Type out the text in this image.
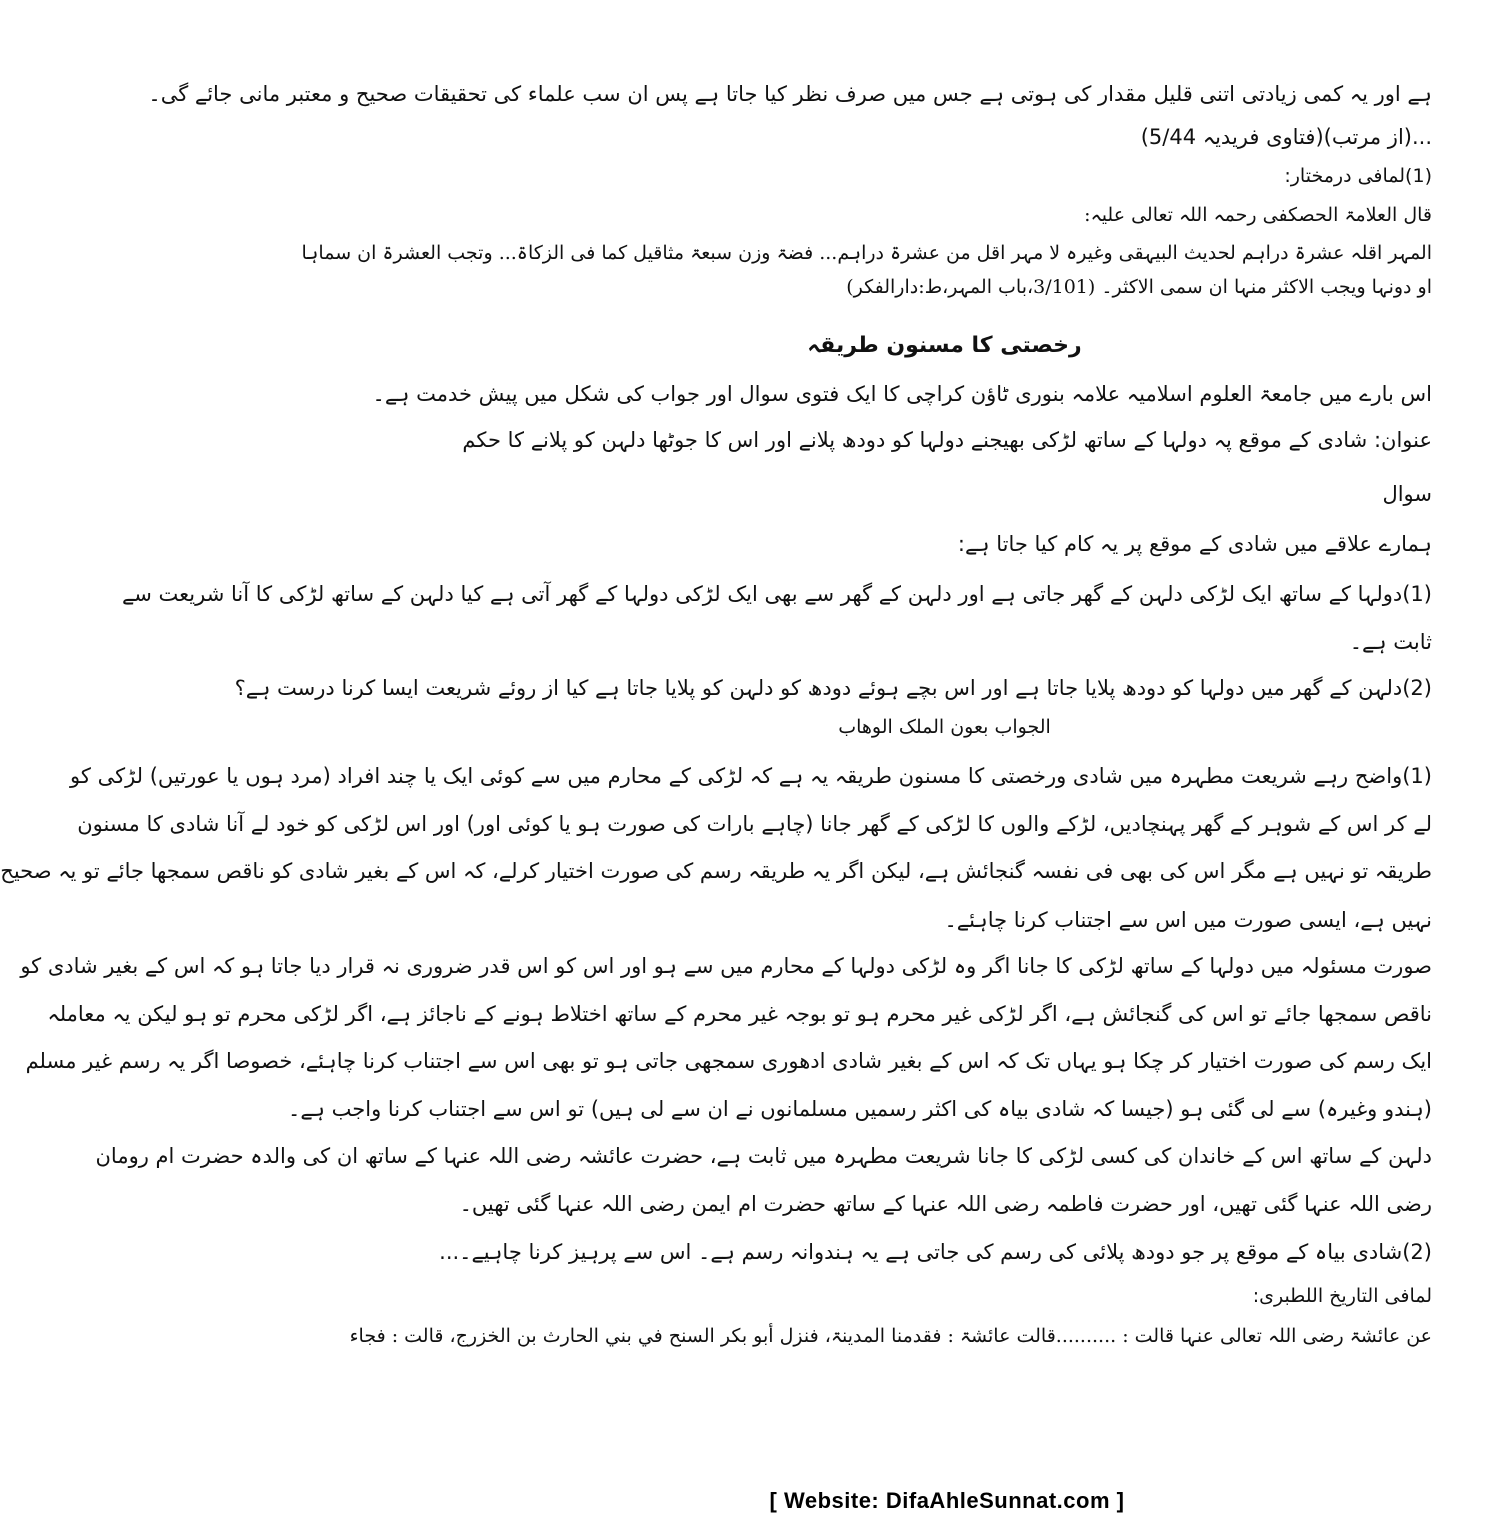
ہے اور یہ کمی زیادتی اتنی قلیل مقدار کی ہوتی ہے جس میں صرف نظر کیا جاتا ہے پس ان سب علماء کی تحقیقات صحیح و معتبر مانی جائے گی۔
...(از مرتب)(فتاوی فریدیہ 5/44)
(1)لمافی درمختار:
قال العلامۃ الحصکفی رحمہ اللہ تعالی علیہ:
المہر اقلہ عشرۃ دراہم لحدیث البیہقی وغیرہ لا مہر اقل من عشرۃ دراہم... فضۃ وزن سبعۃ مثاقیل کما فی الزکاۃ... وتجب العشرۃ ان سماہا
او دونہا ویجب الاکثر منہا ان سمی الاکثر۔ (3/101،باب المہر،ط:دارالفکر)
رخصتی کا مسنون طریقہ
اس بارے میں جامعۃ العلوم اسلامیہ علامہ بنوری ٹاؤن کراچی کا ایک فتوی سوال اور جواب کی شکل میں پیش خدمت ہے۔
عنوان: شادی کے موقع پہ دولہا کے ساتھ لڑکی بھیجنے دولہا کو دودھ پلانے اور اس کا جوٹھا دلہن کو پلانے کا حکم
سوال
ہمارے علاقے میں شادی کے موقع پر یہ کام کیا جاتا ہے:
(1)دولہا کے ساتھ ایک لڑکی دلہن کے گھر جاتی ہے اور دلہن کے گھر سے بھی ایک لڑکی دولہا کے گھر آتی ہے کیا دلہن کے ساتھ لڑکی کا آنا شریعت سے
ثابت ہے۔
(2)دلہن کے گھر میں دولہا کو دودھ پلایا جاتا ہے اور اس بچے ہوئے دودھ کو دلہن کو پلایا جاتا ہے کیا از روئے شریعت ایسا کرنا درست ہے؟
الجواب بعون الملک الوھاب
(1)واضح رہے شریعت مطہرہ میں شادی ورخصتی کا مسنون طریقہ یہ ہے کہ لڑکی کے محارم میں سے کوئی ایک یا چند افراد (مرد ہوں یا عورتیں) لڑکی کو
لے کر اس کے شوہر کے گھر پہنچادیں، لڑکے والوں کا لڑکی کے گھر جانا (چاہے بارات کی صورت ہو یا کوئی اور) اور اس لڑکی کو خود لے آنا شادی کا مسنون
طریقہ تو نہیں ہے مگر اس کی بھی فی نفسہ گنجائش ہے، لیکن اگر یہ طریقہ رسم کی صورت اختیار کرلے، کہ اس کے بغیر شادی کو ناقص سمجھا جائے تو یہ صحیح
نہیں ہے، ایسی صورت میں اس سے اجتناب کرنا چاہئے۔
صورت مسئولہ میں دولہا کے ساتھ لڑکی کا جانا اگر وہ لڑکی دولہا کے محارم میں سے ہو اور اس کو اس قدر ضروری نہ قرار دیا جاتا ہو کہ اس کے بغیر شادی کو
ناقص سمجھا جائے تو اس کی گنجائش ہے، اگر لڑکی غیر محرم ہو تو بوجہ غیر محرم کے ساتھ اختلاط ہونے کے ناجائز ہے، اگر لڑکی محرم تو ہو لیکن یہ معاملہ
ایک رسم کی صورت اختیار کر چکا ہو یہاں تک کہ اس کے بغیر شادی ادھوری سمجھی جاتی ہو تو بھی اس سے اجتناب کرنا چاہئے، خصوصا اگر یہ رسم غیر مسلم
(ہندو وغیرہ) سے لی گئی ہو (جیسا کہ شادی بیاہ کی اکثر رسمیں مسلمانوں نے ان سے لی ہیں) تو اس سے اجتناب کرنا واجب ہے۔
دلہن کے ساتھ اس کے خاندان کی کسی لڑکی کا جانا شریعت مطہرہ میں ثابت ہے، حضرت عائشہ رضی اللہ عنہا کے ساتھ ان کی والدہ حضرت ام رومان
رضی اللہ عنہا گئی تھیں، اور حضرت فاطمہ رضی اللہ عنہا کے ساتھ حضرت ام ایمن رضی اللہ عنہا گئی تھیں۔
(2)شادی بیاہ کے موقع پر جو دودھ پلائی کی رسم کی جاتی ہے یہ ہندوانہ رسم ہے۔ اس سے پرہیز کرنا چاہیے۔...
لمافی التاریخ اللطبری:
عن عائشۃ رضی اللہ تعالی عنہا قالت : ..........قالت عائشۃ : فقدمنا المدینۃ، فنزل أبو بکر السنح في بني الحارث بن الخزرج، قالت : فجاء
[ Website: DifaAhleSunnat.com ]
